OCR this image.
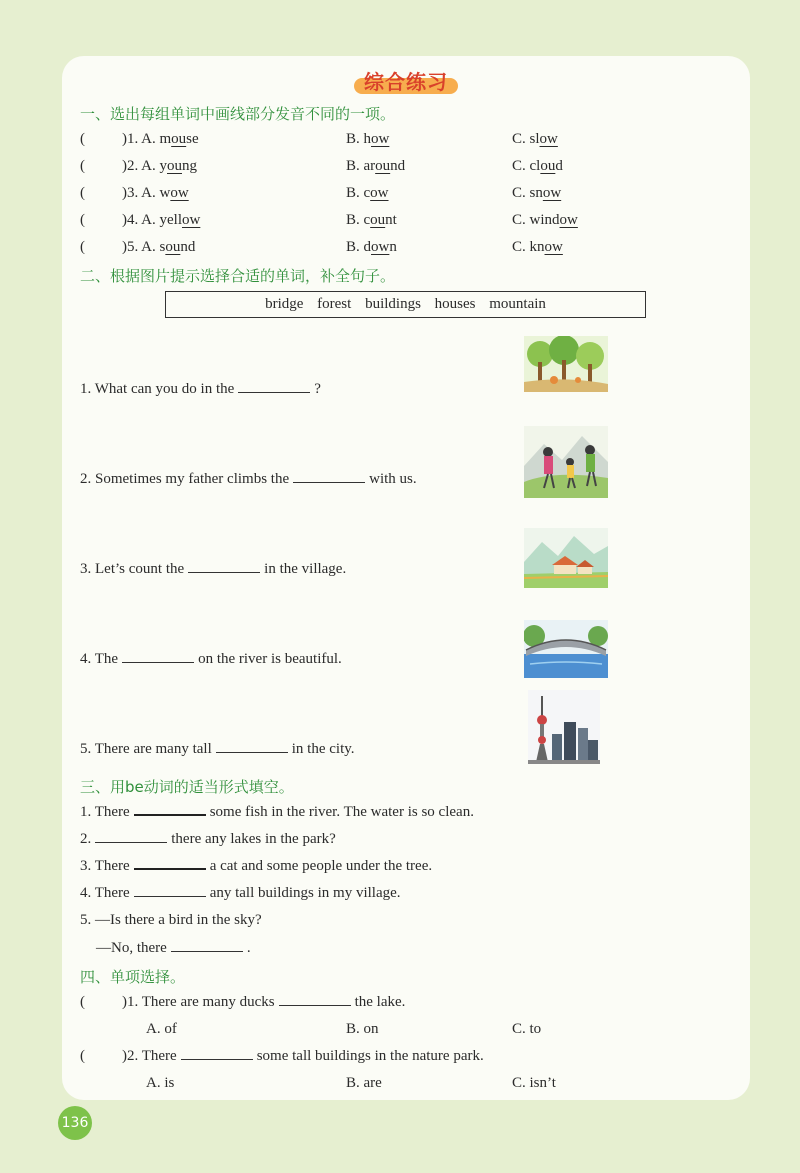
综合练习
一、选出每组单词中画线部分发音不同的一项。
( )1. A. mouse	B. how	C. slow
( )2. A. young	B. around	C. cloud
( )3. A. wow	B. cow	C. snow
( )4. A. yellow	B. count	C. window
( )5. A. sound	B. down	C. know
二、根据图片提示选择合适的单词，补全句子。
bridge forest buildings houses mountain
1. What can you do in the	?
2. Sometimes my father climbs the	with us.
3. Let’s count the	in the village.
4. The	on the river is beautiful.
5. There are many tall	in the city.
三、用be动词的适当形式填空。
1. There	some fish in the river. The water is so clean.
2.	there any lakes in the park?
3. There	a cat and some people under the tree.
4. There	any tall buildings in my village.
5. —Is there a bird in the sky?
—No, there	.
四、单项选择。
( )1. There are many ducks	the lake.
A. of	B. on	C. to
( )2. There	some tall buildings in the nature park.
A. is	B. are	C. isn’t
136
